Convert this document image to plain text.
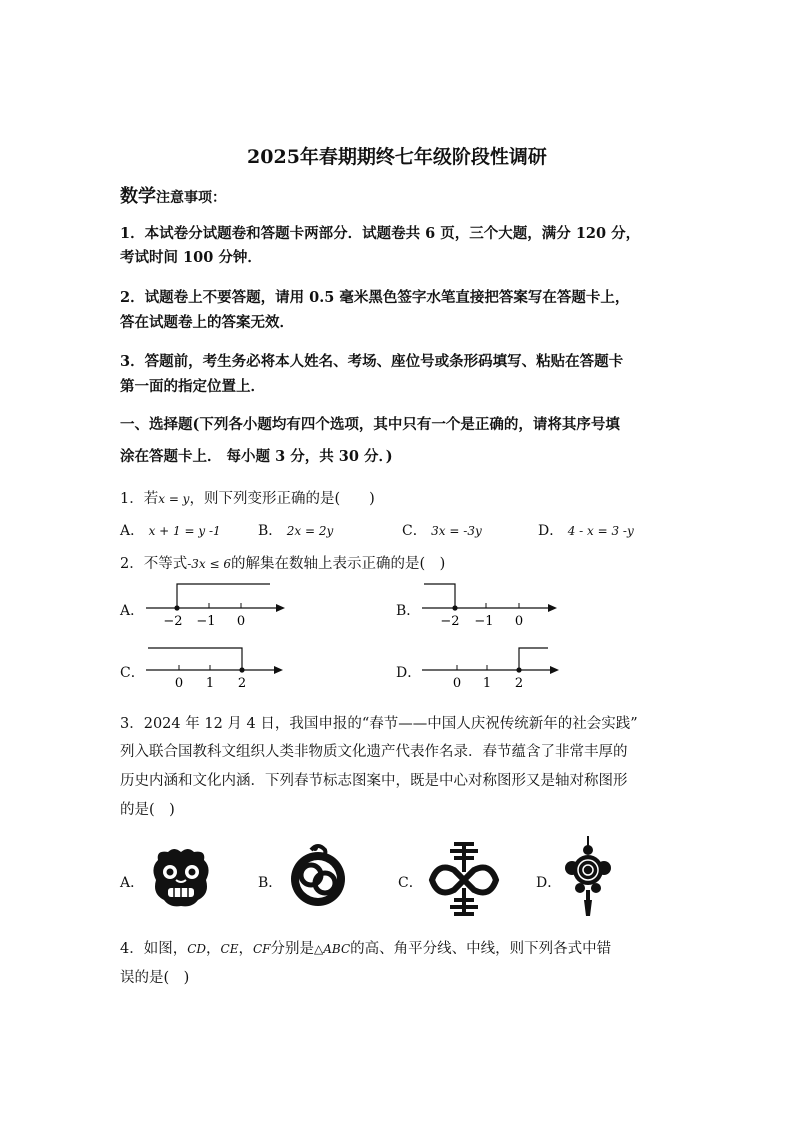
2025年春期期终七年级阶段性调研
数学注意事项：
1．本试卷分试题卷和答题卡两部分．试题卷共 6 页，三个大题，满分 120 分，
考试时间 100 分钟．
2．试题卷上不要答题，请用 0.5 毫米黑色签字水笔直接把答案写在答题卡上，
答在试题卷上的答案无效．
3．答题前，考生务必将本人姓名、考场、座位号或条形码填写、粘贴在答题卡
第一面的指定位置上．
一、选择题(下列各小题均有四个选项，其中只有一个是正确的，请将其序号填
涂在答题卡上． 每小题 3 分，共 30 分．)
1．若x = y，则下列变形正确的是(　　)
A． x + 1 = y -1	B． 2x = 2y	C． 3x = -3y	D． 4 - x = 3 -y
2．不等式-3x ≤ 6的解集在数轴上表示正确的是(　)
A．
−2 −1 0
B．
−2 −1 0
C．
0 1 2
D．
0 1 2
3．2024 年 12 月 4 日，我国申报的“春节——中国人庆祝传统新年的社会实践”
列入联合国教科文组织人类非物质文化遗产代表作名录．春节蕴含了非常丰厚的
历史内涵和文化内涵．下列春节标志图案中，既是中心对称图形又是轴对称图形
的是(　)
A．	B．	C．	D．
4．如图，CD，CE，CF分别是△ABC的高、角平分线、中线，则下列各式中错
误的是(　)
